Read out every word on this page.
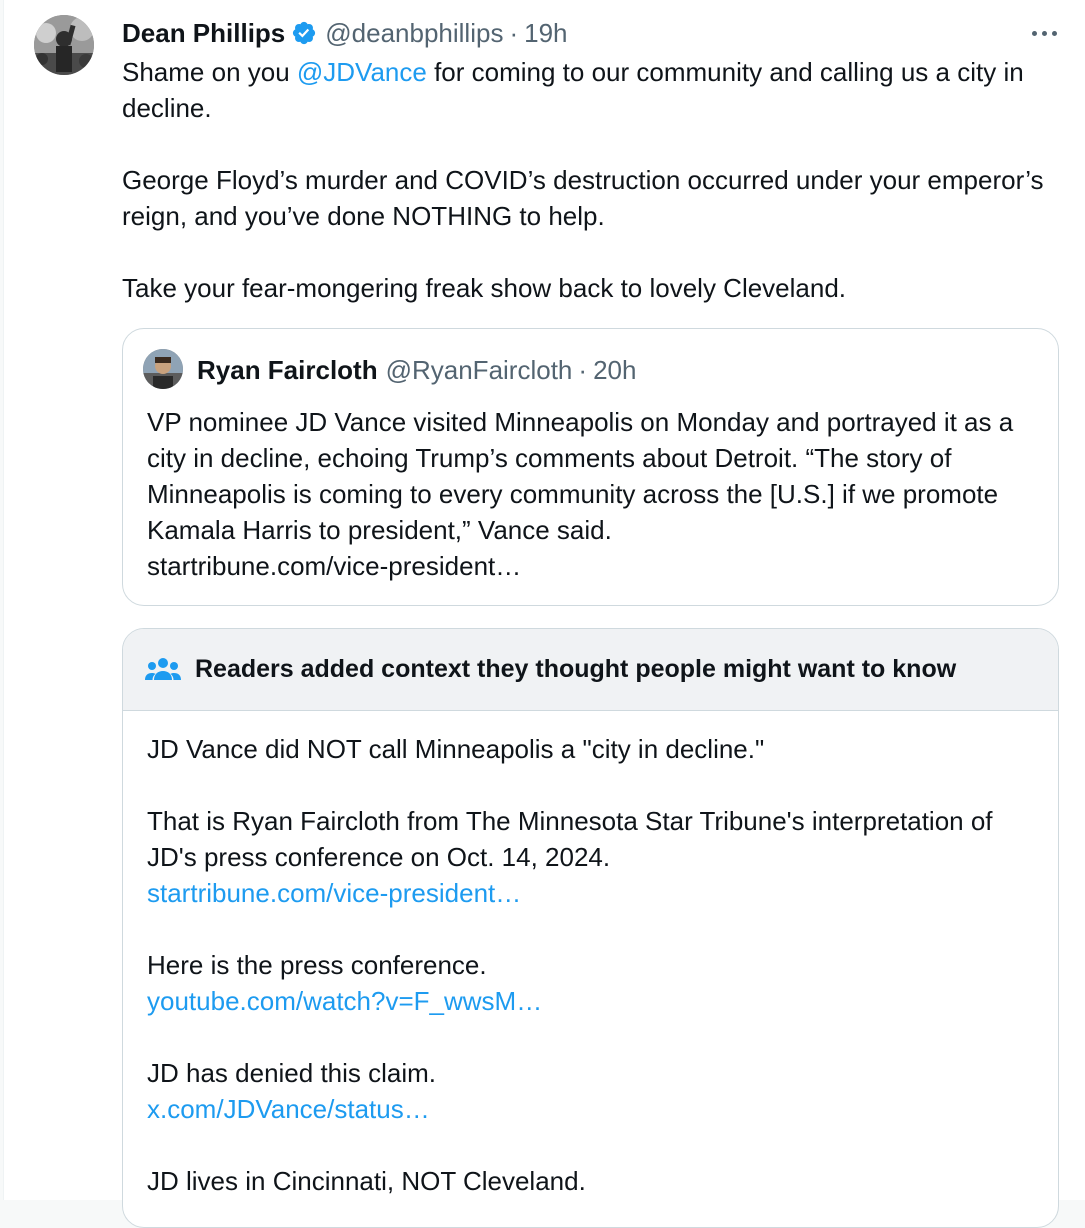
Dean Phillips @deanbphillips · 19h

Shame on you @JDVance for coming to our community and calling us a city in decline.

George Floyd’s murder and COVID’s destruction occurred under your emperor’s reign, and you’ve done NOTHING to help.

Take your fear-mongering freak show back to lovely Cleveland.

Ryan Faircloth @RyanFaircloth · 20h
VP nominee JD Vance visited Minneapolis on Monday and portrayed it as a city in decline, echoing Trump’s comments about Detroit. “The story of Minneapolis is coming to every community across the [U.S.] if we promote Kamala Harris to president,” Vance said.
startribune.com/vice-president…
Readers added context they thought people might want to know

JD Vance did NOT call Minneapolis a "city in decline."

That is Ryan Faircloth from The Minnesota Star Tribune's interpretation of JD's press conference on Oct. 14, 2024.
startribune.com/vice-president…
Here is the press conference.
youtube.com/watch?v=F_wwsM…
JD has denied this claim.
x.com/JDVance/status…

JD lives in Cincinnati, NOT Cleveland.
